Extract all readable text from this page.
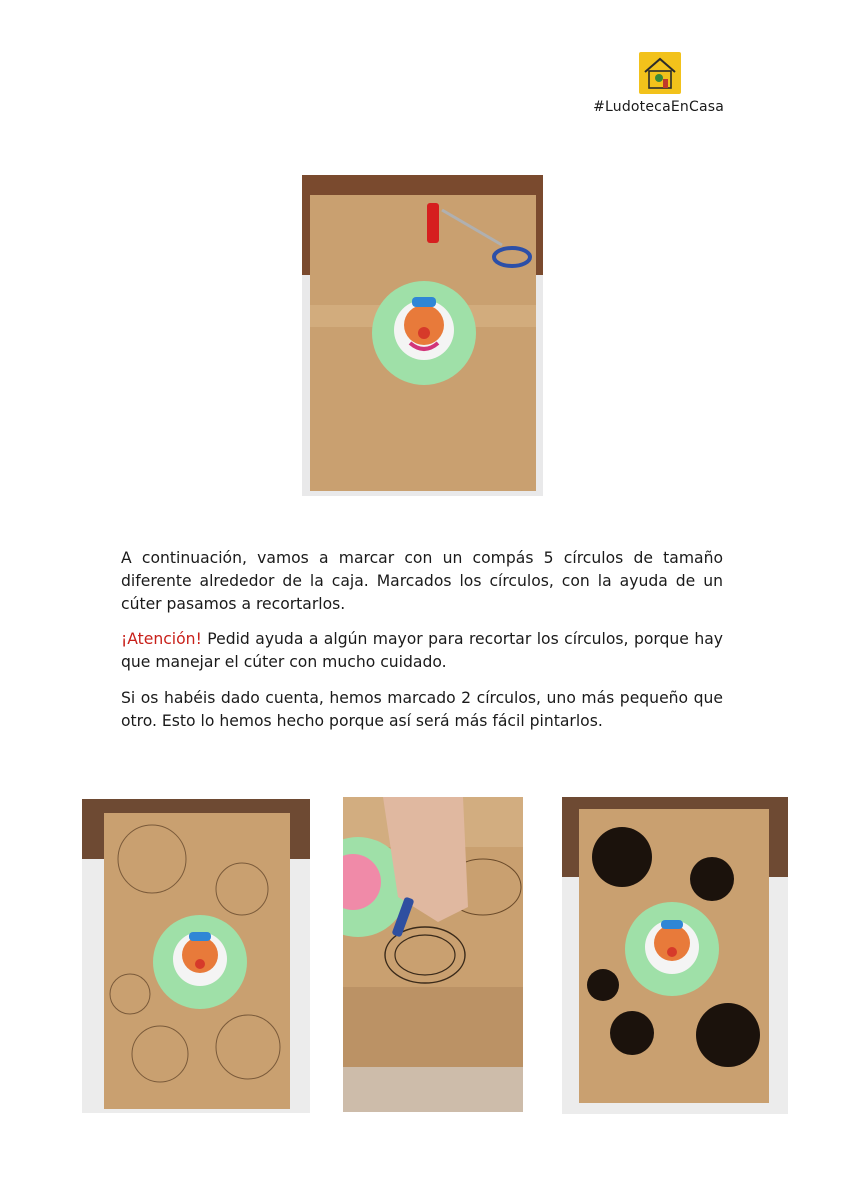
#LudotecaEnCasa

A continuación, vamos a marcar con un compás 5 círculos de tamaño diferente alrededor de la caja. Marcados los círculos, con la ayuda de un cúter pasamos a recortarlos.

¡Atención! Pedid ayuda a algún mayor para recortar los círculos, porque hay que manejar el cúter con mucho cuidado.

Si os habéis dado cuenta, hemos marcado 2 círculos, uno más pequeño que otro. Esto lo hemos hecho porque así será más fácil pintarlos.
